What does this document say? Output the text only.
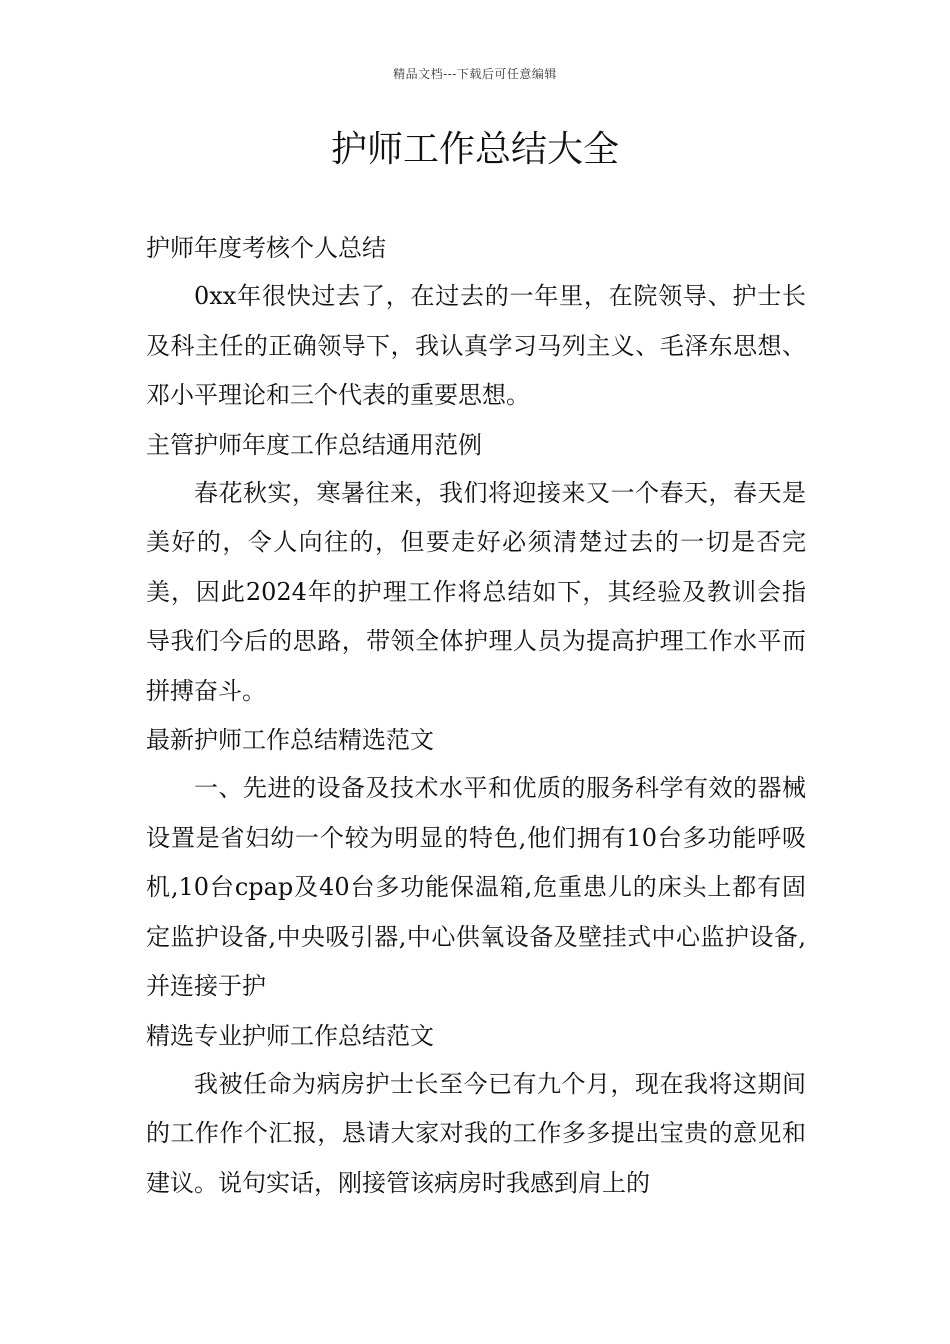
精品文档---下载后可任意编辑
护师工作总结大全

护师年度考核个人总结

0xx年很快过去了，在过去的一年里，在院领导、护士长及科主任的正确领导下，我认真学习马列主义、毛泽东思想、邓小平理论和三个代表的重要思想。

主管护师年度工作总结通用范例

春花秋实，寒暑往来，我们将迎接来又一个春天，春天是美好的，令人向往的，但要走好必须清楚过去的一切是否完美，因此2024年的护理工作将总结如下，其经验及教训会指导我们今后的思路，带领全体护理人员为提高护理工作水平而拼搏奋斗。

最新护师工作总结精选范文

一、先进的设备及技术水平和优质的服务科学有效的器械设置是省妇幼一个较为明显的特色,他们拥有10台多功能呼吸机,10台cpap及40台多功能保温箱,危重患儿的床头上都有固定监护设备,中央吸引器,中心供氧设备及壁挂式中心监护设备,并连接于护

精选专业护师工作总结范文

我被任命为病房护士长至今已有九个月，现在我将这期间的工作作个汇报，恳请大家对我的工作多多提出宝贵的意见和建议。说句实话，刚接管该病房时我感到肩上的
